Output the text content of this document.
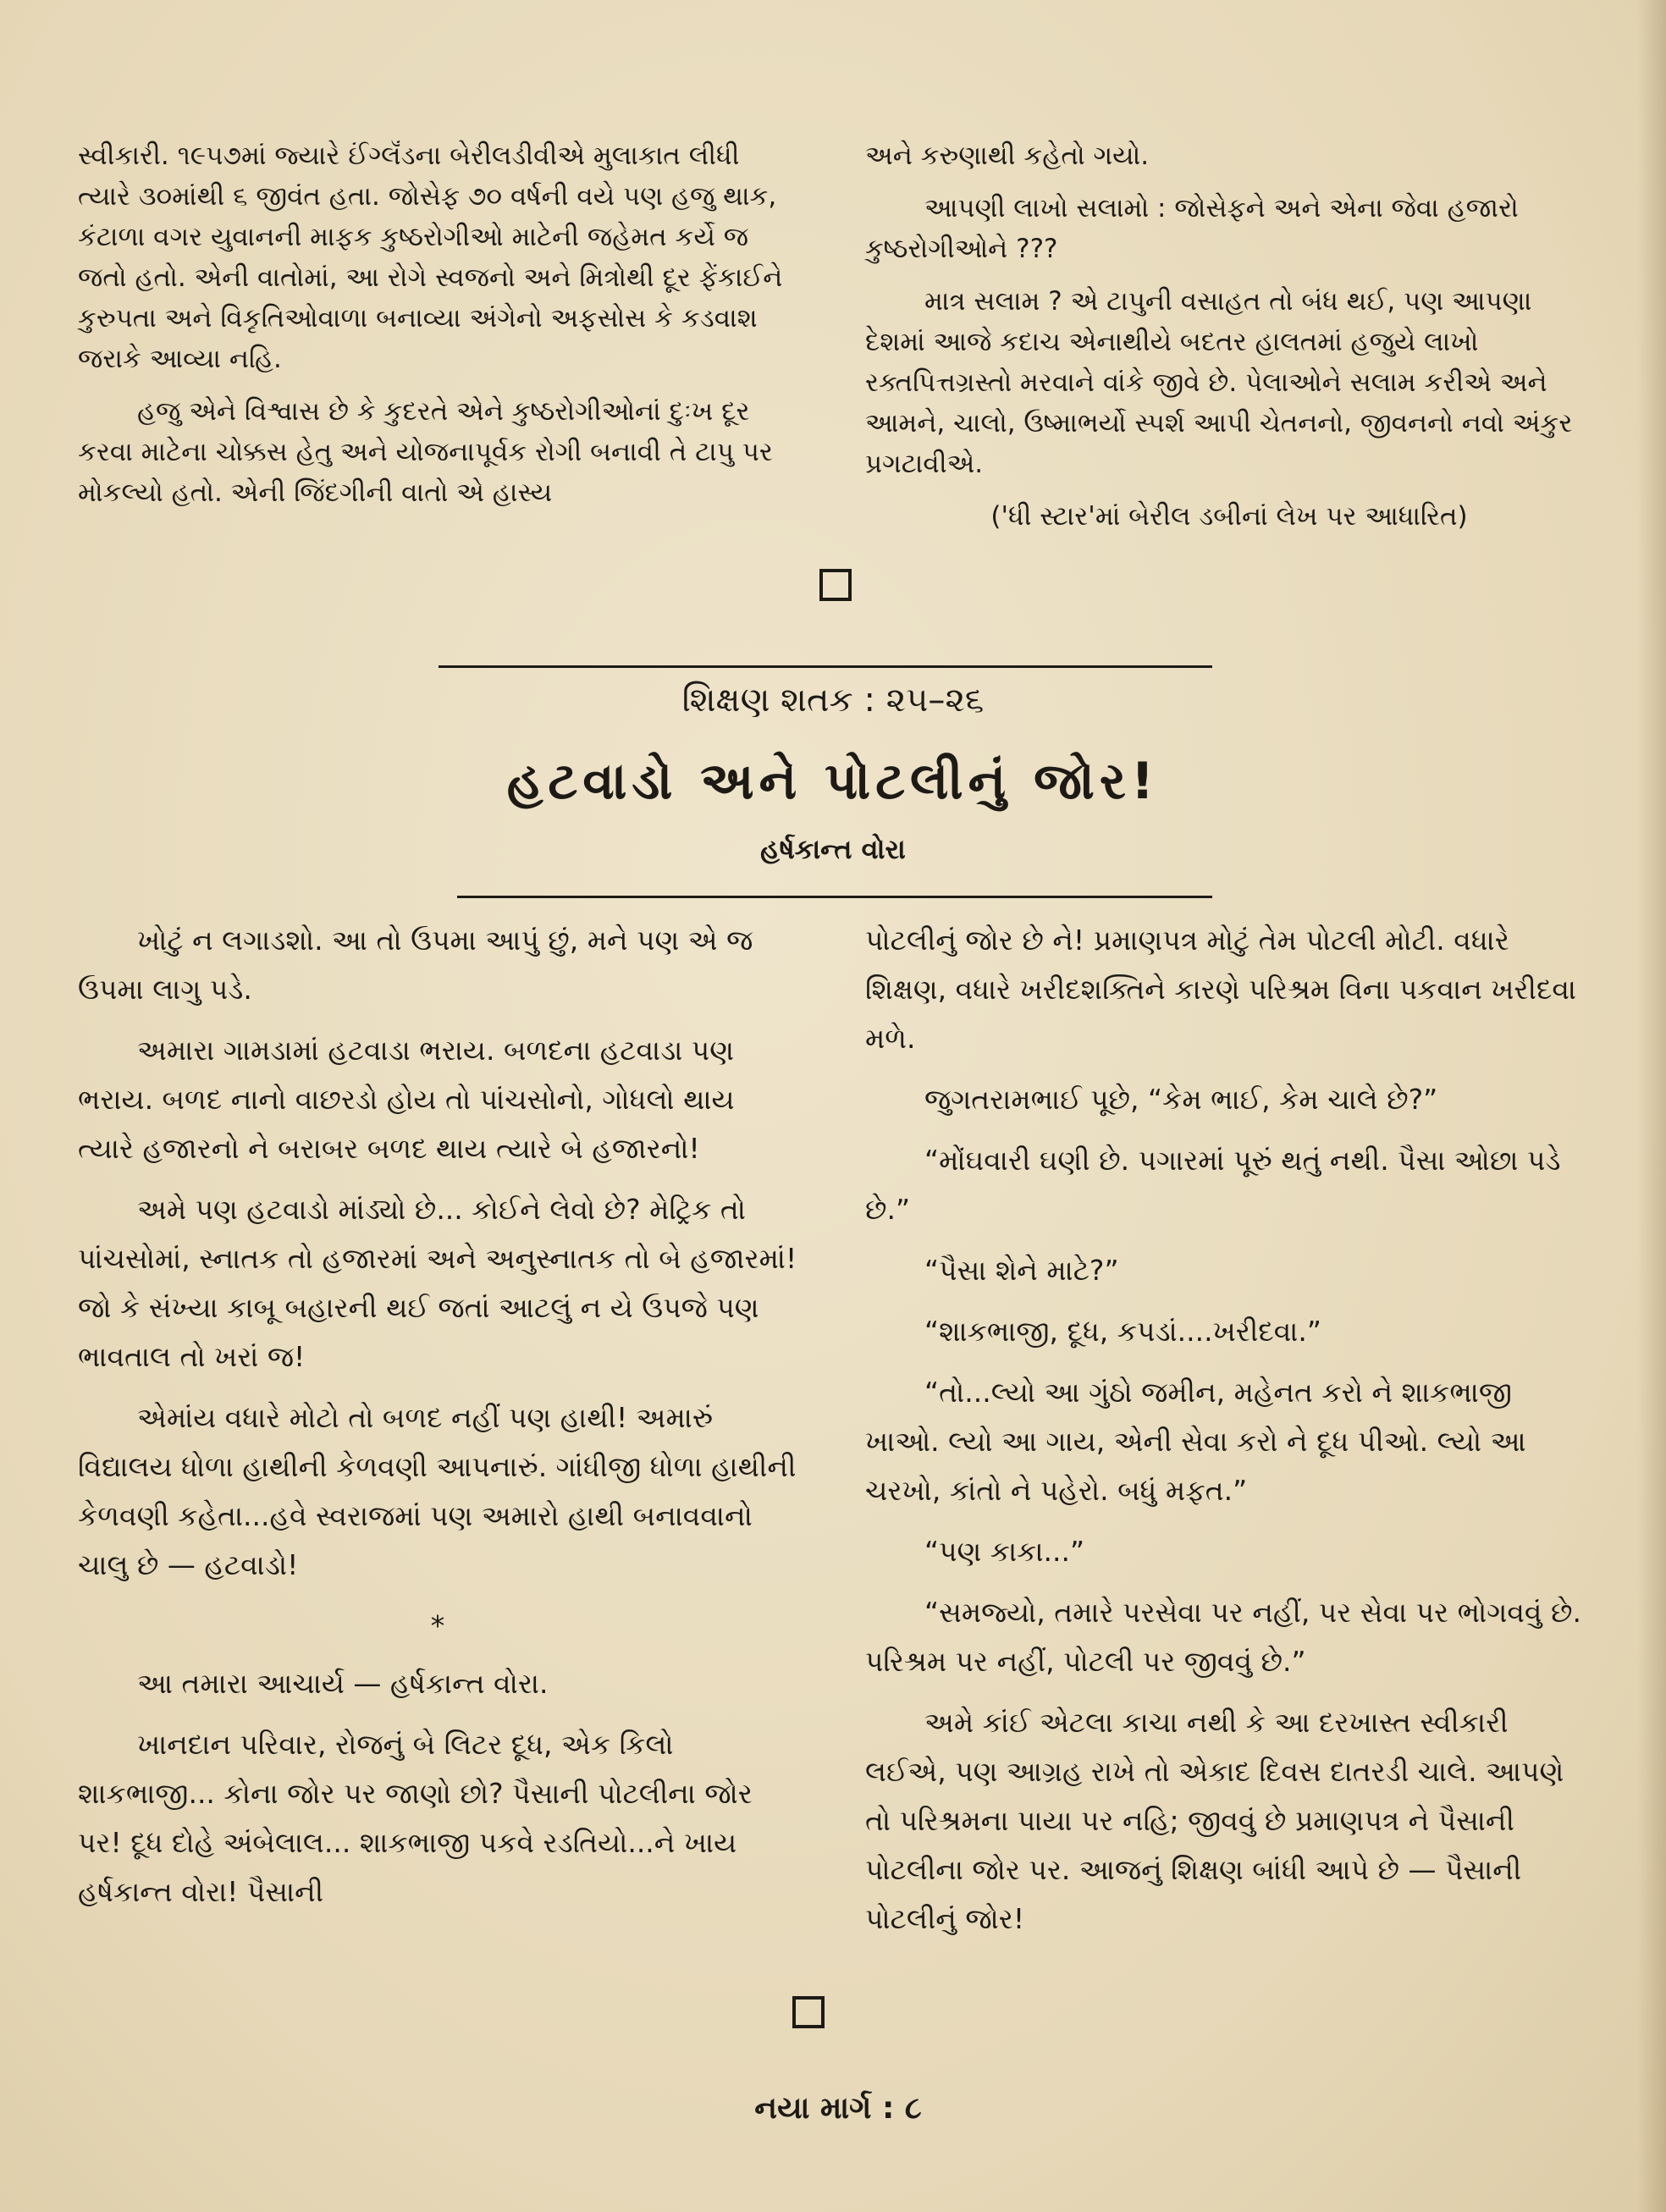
સ્વીકારી. ૧૯૫૭માં જ્યારે ઈંગ્લૅંડના બેરીલડીવીએ મુલાકાત લીધી ત્યારે ૩૦માંથી ૬ જીવંત હતા. જોસેફ ૭૦ વર્ષની વયે પણ હજુ થાક, કંટાળા વગર યુવાનની માફક કુષ્ઠરોગીઓ માટેની જહેમત કર્યે જ જતો હતો. એની વાતોમાં, આ રોગે સ્વજનો અને મિત્રોથી દૂર ફેંકાઈને કુરુપતા અને વિકૃતિઓવાળા બનાવ્યા અંગેનો અફસોસ કે કડવાશ જરાકે આવ્યા નહિ.

હજુ એને વિશ્વાસ છે કે કુદરતે એને કુષ્ઠરોગીઓનાં દુઃખ દૂર કરવા માટેના ચોક્કસ હેતુ અને યોજનાપૂર્વક રોગી બનાવી તે ટાપુ પર મોકલ્યો હતો. એની જિંદગીની વાતો એ હાસ્ય

અને કરુણાથી કહેતો ગયો.

આપણી લાખો સલામો : જોસેફને અને એના જેવા હજારો કુષ્ઠરોગીઓને ???

માત્ર સલામ ? એ ટાપુની વસાહત તો બંધ થઈ, પણ આપણા દેશમાં આજે કદાચ એનાથીયે બદતર હાલતમાં હજુયે લાખો રક્તપિત્તગ્રસ્તો મરવાને વાંકે જીવે છે. પેલાઓને સલામ કરીએ અને આમને, ચાલો, ઉષ્માભર્યો સ્પર્શ આપી ચેતનનો, જીવનનો નવો અંકુર પ્રગટાવીએ.

('ધી સ્ટાર'માં બેરીલ ડબીનાં લેખ પર આધારિત)

શિક્ષણ શતક : ૨૫–૨૬
હટવાડો અને પોટલીનું જોર!
હર્ષકાન્ત વોરા

ખોટું ન લગાડશો. આ તો ઉપમા આપું છું, મને પણ એ જ ઉપમા લાગુ પડે.

અમારા ગામડામાં હટવાડા ભરાય. બળદના હટવાડા પણ ભરાય. બળદ નાનો વાછરડો હોય તો પાંચસોનો, ગોધલો થાય ત્યારે હજારનો ને બરાબર બળદ થાય ત્યારે બે હજારનો!

અમે પણ હટવાડો માંડ્યો છે... કોઈને લેવો છે? મેટ્રિક તો પાંચસોમાં, સ્નાતક તો હજારમાં અને અનુસ્નાતક તો બે હજારમાં! જો કે સંખ્યા કાબૂ બહારની થઈ જતાં આટલું ન યે ઉપજે પણ ભાવતાલ તો ખરાં જ!

એમાંય વધારે મોટો તો બળદ નહીં પણ હાથી! અમારું વિદ્યાલય ધોળા હાથીની કેળવણી આપનારું. ગાંધીજી ધોળા હાથીની કેળવણી કહેતા...હવે સ્વરાજમાં પણ અમારો હાથી બનાવવાનો ચાલુ છે — હટવાડો!

*

આ તમારા આચાર્ય — હર્ષકાન્ત વોરા.

ખાનદાન પરિવાર, રોજનું બે લિટર દૂધ, એક કિલો શાકભાજી... કોના જોર પર જાણો છો? પૈસાની પોટલીના જોર પર! દૂધ દોહે અંબેલાલ... શાકભાજી પકવે રડતિયો...ને ખાય હર્ષકાન્ત વોરા! પૈસાની

પોટલીનું જોર છે ને! પ્રમાણપત્ર મોટું તેમ પોટલી મોટી. વધારે શિક્ષણ, વધારે ખરીદશક્તિને કારણે પરિશ્રમ વિના પકવાન ખરીદવા મળે.

જુગતરામભાઈ પૂછે, “કેમ ભાઈ, કેમ ચાલે છે?”

“મોંઘવારી ઘણી છે. પગારમાં પૂરું થતું નથી. પૈસા ઓછા પડે છે.”

“પૈસા શેને માટે?”

“શાકભાજી, દૂધ, કપડાં....ખરીદવા.”

“તો...લ્યો આ ગુંઠો જમીન, મહેનત કરો ને શાકભાજી ખાઓ. લ્યો આ ગાય, એની સેવા કરો ને દૂધ પીઓ. લ્યો આ ચરખો, કાંતો ને પહેરો. બધું મફત.”

“પણ કાકા...”

“સમજ્યો, તમારે પરસેવા પર નહીં, પર સેવા પર ભોગવવું છે. પરિશ્રમ પર નહીં, પોટલી પર જીવવું છે.”

અમે કાંઈ એટલા કાચા નથી કે આ દરખાસ્ત સ્વીકારી લઈએ, પણ આગ્રહ રાખે તો એકાદ દિવસ દાતરડી ચાલે. આપણે તો પરિશ્રમના પાયા પર નહિ; જીવવું છે પ્રમાણપત્ર ને પૈસાની પોટલીના જોર પર. આજનું શિક્ષણ બાંધી આપે છે — પૈસાની પોટલીનું જોર!

નયા માર્ગ : ૮
